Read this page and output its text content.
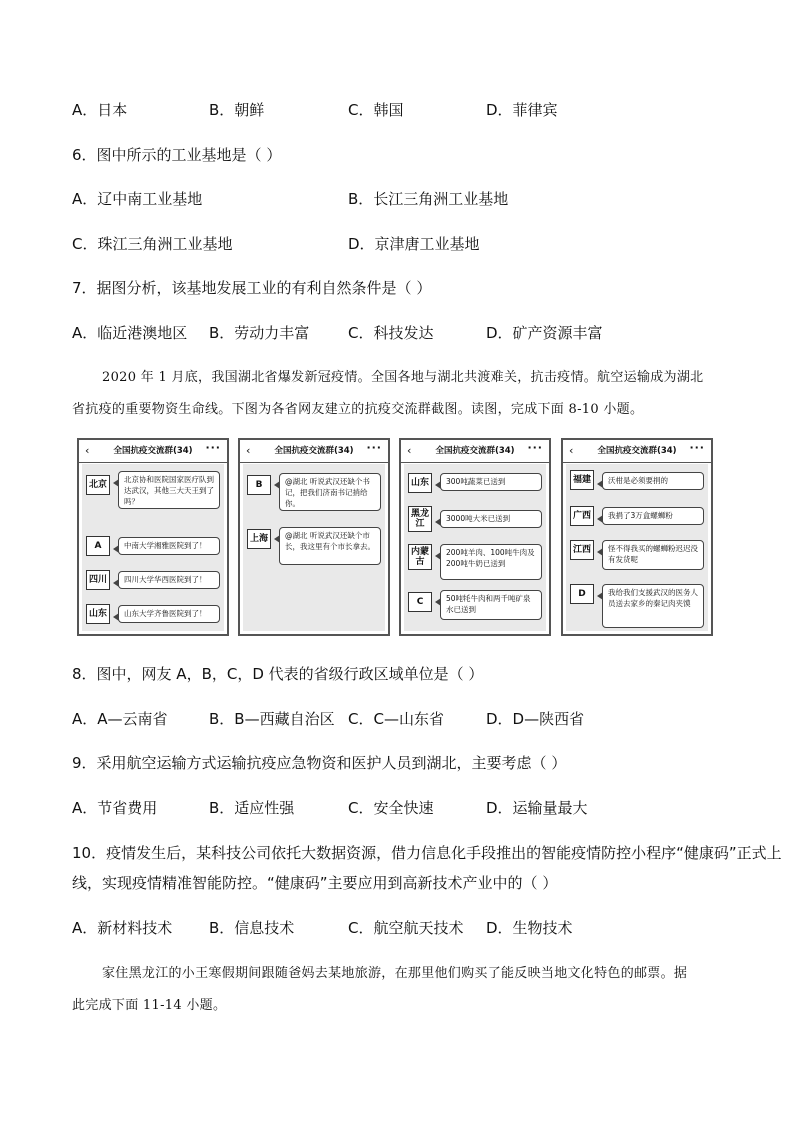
A．日本	B．朝鲜	C．韩国	D．菲律宾
6．图中所示的工业基地是（ ）
A．辽中南工业基地	B．长江三角洲工业基地
C．珠江三角洲工业基地	D．京津唐工业基地
7．据图分析，该基地发展工业的有利自然条件是（ ）
A．临近港澳地区 B．劳动力丰富	C．科技发达	D．矿产资源丰富
2020 年 1 月底，我国湖北省爆发新冠疫情。全国各地与湖北共渡难关，抗击疫情。航空运输成为湖北
省抗疫的重要物资生命线。下图为各省网友建立的抗疫交流群截图。读图，完成下面 8-10 小题。
‹	全国抗疫交流群(34) ···
北京
北京协和医院国家医疗队到达武汉，其他三大天王到了吗？
A	中南大学湘雅医院到了！
四川	四川大学华西医院到了！
山东	山东大学齐鲁医院到了！
‹	全国抗疫交流群(34) ···
B	@湖北 听说武汉还缺个书记，把我们济南书记捎给你。
上海	@湖北 听说武汉还缺个市长，我这里有个市长拿去。
‹	全国抗疫交流群(34) ···
山东	300吨蔬菜已送到
黑龙江
3000吨大米已送到
内蒙古
200吨羊肉、100吨牛肉及200吨牛奶已送到
C	50吨牦牛肉和两千吨矿泉水已送到
‹	全国抗疫交流群(34) ···
福建	沃柑是必须要捐的
广西	我捐了3万盒螺蛳粉
江西	怪不得我买的螺蛳粉迟迟没有发货呢
D	我给我们支援武汉的医务人员送去家乡的秦记肉夹馍
8．图中，网友 A，B，C，D 代表的省级行政区域单位是（ ）
A．A—云南省	B．B—西藏自治区 C．C—山东省	D．D—陕西省
9．采用航空运输方式运输抗疫应急物资和医护人员到湖北，主要考虑（ ）
A．节省费用	B．适应性强	C．安全快速	D．运输量最大
10．疫情发生后，某科技公司依托大数据资源，借力信息化手段推出的智能疫情防控小程序“健康码”正式上
线，实现疫情精准智能防控。“健康码”主要应用到高新技术产业中的（ ）
A．新材料技术 B．信息技术	C．航空航天技术 D．生物技术
家住黑龙江的小王寒假期间跟随爸妈去某地旅游，在那里他们购买了能反映当地文化特色的邮票。据
此完成下面 11-14 小题。
